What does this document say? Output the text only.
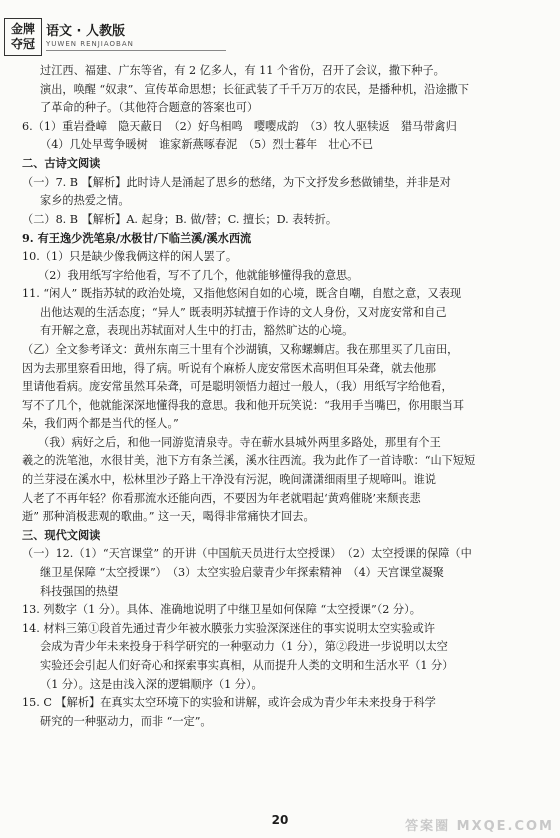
金牌
夺冠
语文 · 人教版
YUWEN RENJIAOBAN
过江西、福建、广东等省，有 2 亿多人，有 11 个省份，召开了会议，撒下种子。
演出，唤醒 “奴隶”、宣传革命思想；长征武装了千千万万的农民，是播种机，沿途撒下
了革命的种子。（其他符合题意的答案也可）
6.（1）重岩叠嶂　隐天蔽日　（2）好鸟相鸣　嘤嘤成韵　（3）牧人驱犊返　猎马带禽归
（4）几处早莺争暖树　谁家新燕啄春泥　（5）烈士暮年　壮心不已
二、古诗文阅读
（一）7. B 【解析】此时诗人是涌起了思乡的愁绪，为下文抒发乡愁做铺垫，并非是对
家乡的热爱之情。
（二）8. B 【解析】A. 起身；B. 做/替；C. 擅长；D. 表转折。
9. 有王逸少洗笔泉/水极甘/下临兰溪/溪水西流
10.（1）只是缺少像我俩这样的闲人罢了。
（2）我用纸写字给他看，写不了几个，他就能够懂得我的意思。
11. “闲人” 既指苏轼的政治处境，又指他悠闲自如的心境，既含自嘲，自慰之意，又表现
出他达观的生活态度；“异人” 既表明苏轼擅于作诗的文人身份，又对庞安常和自己
有开解之意，表现出苏轼面对人生中的打击，豁然旷达的心境。
（乙）全文参考译文：黄州东南三十里有个沙湖镇，又称螺蛳店。我在那里买了几亩田，
因为去那里察看田地，得了病。听说有个麻桥人庞安常医术高明但耳朵聋，就去他那
里请他看病。庞安常虽然耳朵聋，可是聪明领悟力超过一般人，（我）用纸写字给他看，
写不了几个，他就能深深地懂得我的意思。我和他开玩笑说：“我用手当嘴巴，你用眼当耳
朵，我们两个都是当代的怪人。”
（我）病好之后，和他一同游览清泉寺。寺在蕲水县城外两里多路处，那里有个王
羲之的洗笔池，水很甘美，池下方有条兰溪，溪水往西流。我为此作了一首诗歌：“山下短短
的兰芽浸在溪水中，松林里沙子路上干净没有污泥，晚间潇潇细雨里子规啼叫。谁说
人老了不再年轻？你看那流水还能向西，不要因为年老就唱起‘黄鸡催晓’来颓丧悲
逝” 那种消极悲观的歌曲。” 这一天，喝得非常痛快才回去。
三、现代文阅读
（一）12.（1）“天宫课堂” 的开讲（中国航天员进行太空授课）　（2）太空授课的保障（中
继卫星保障 “太空授课”）　（3）太空实验启蒙青少年探索精神　（4）天宫课堂凝聚
科技强国的热望
13. 列数字（1 分）。具体、准确地说明了中继卫星如何保障 “太空授课”（2 分）。
14. 材料三第①段首先通过青少年被水膜张力实验深深迷住的事实说明太空实验或许
会成为青少年未来投身于科学研究的一种驱动力（1 分），第②段进一步说明以太空
实验还会引起人们好奇心和探索事实真相，从而提升人类的文明和生活水平（1 分）
（1 分）。这是由浅入深的逻辑顺序（1 分）。
15. C 【解析】在真实太空环境下的实验和讲解，或许会成为青少年未来投身于科学
研究的一种驱动力，而非 “一定”。
20	答案圈 MXQE.COM
